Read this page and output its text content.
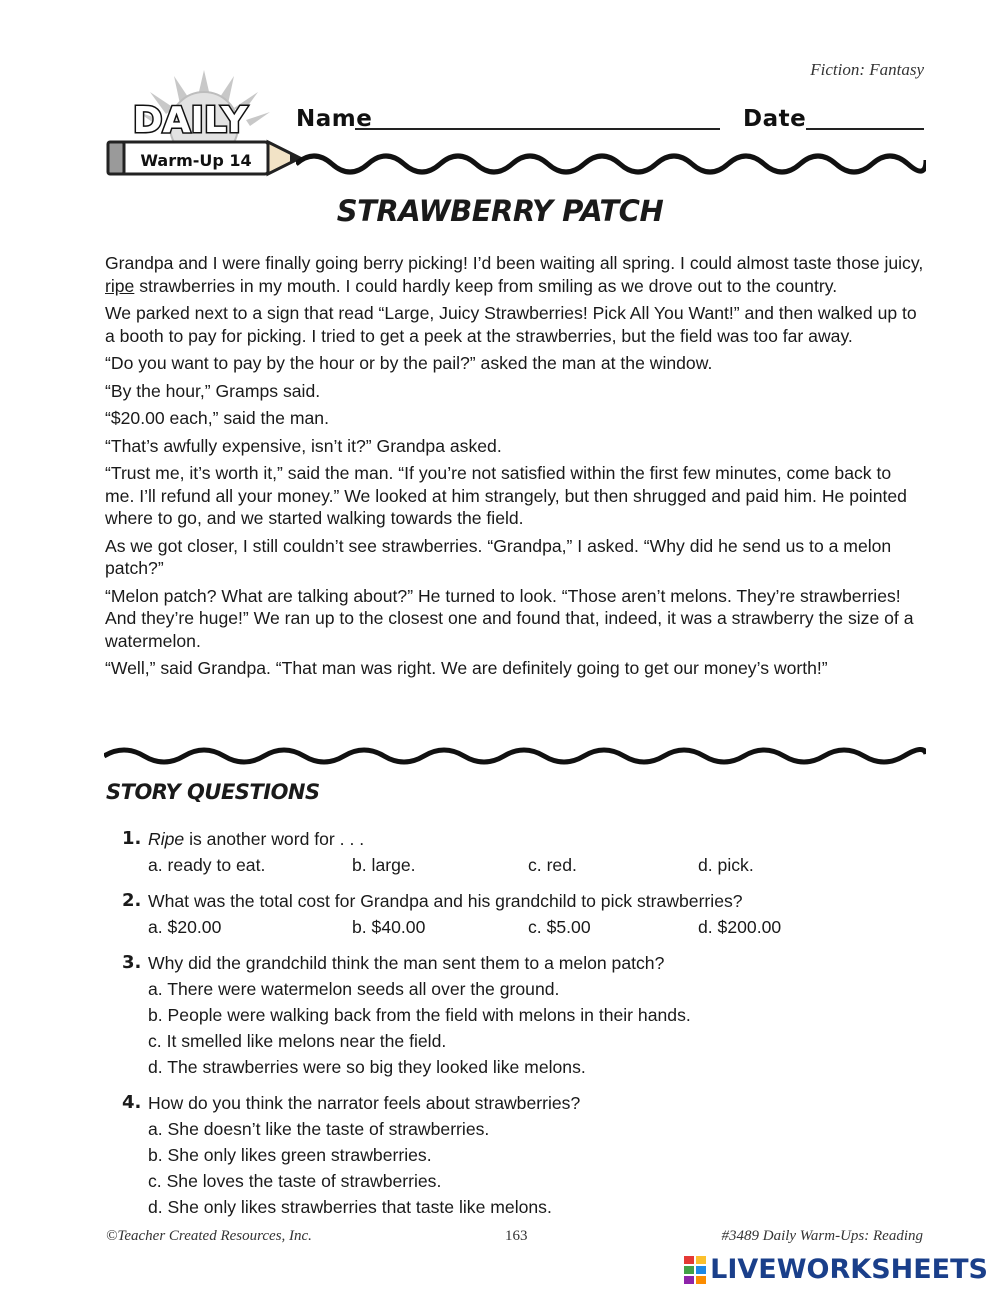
Fiction: Fantasy
DAILY
Warm-Up 14
Name	Date
STRAWBERRY PATCH

Grandpa and I were finally going berry picking! I’d been waiting all spring. I could almost taste those juicy, ripe strawberries in my mouth. I could hardly keep from smiling as we drove out to the country.

We parked next to a sign that read “Large, Juicy Strawberries! Pick All You Want!” and then walked up to a booth to pay for picking. I tried to get a peek at the strawberries, but the field was too far away.

“Do you want to pay by the hour or by the pail?” asked the man at the window.

“By the hour,” Gramps said.

“$20.00 each,” said the man.

“That’s awfully expensive, isn’t it?” Grandpa asked.

“Trust me, it’s worth it,” said the man. “If you’re not satisfied within the first few minutes, come back to me. I’ll refund all your money.” We looked at him strangely, but then shrugged and paid him. He pointed where to go, and we started walking towards the field.

As we got closer, I still couldn’t see strawberries. “Grandpa,” I asked. “Why did he send us to a melon patch?”

“Melon patch? What are talking about?” He turned to look. “Those aren’t melons. They’re strawberries! And they’re huge!” We ran up to the closest one and found that, indeed, it was a strawberry the size of a watermelon.

“Well,” said Grandpa. “That man was right. We are definitely going to get our money’s worth!”

STORY QUESTIONS
1. Ripe is another word for . . .
a. ready to eat.	b. large.	c. red.	d. pick.
2. What was the total cost for Grandpa and his grandchild to pick strawberries?
a. $20.00	b. $40.00	c. $5.00	d. $200.00
3. Why did the grandchild think the man sent them to a melon patch?
a. There were watermelon seeds all over the ground.
b. People were walking back from the field with melons in their hands.
c. It smelled like melons near the field.
d. The strawberries were so big they looked like melons.
4. How do you think the narrator feels about strawberries?
a. She doesn’t like the taste of strawberries.
b. She only likes green strawberries.
c. She loves the taste of strawberries.
d. She only likes strawberries that taste like melons.
©Teacher Created Resources, Inc.	163	#3489 Daily Warm-Ups: Reading
LIVEWORKSHEETS
